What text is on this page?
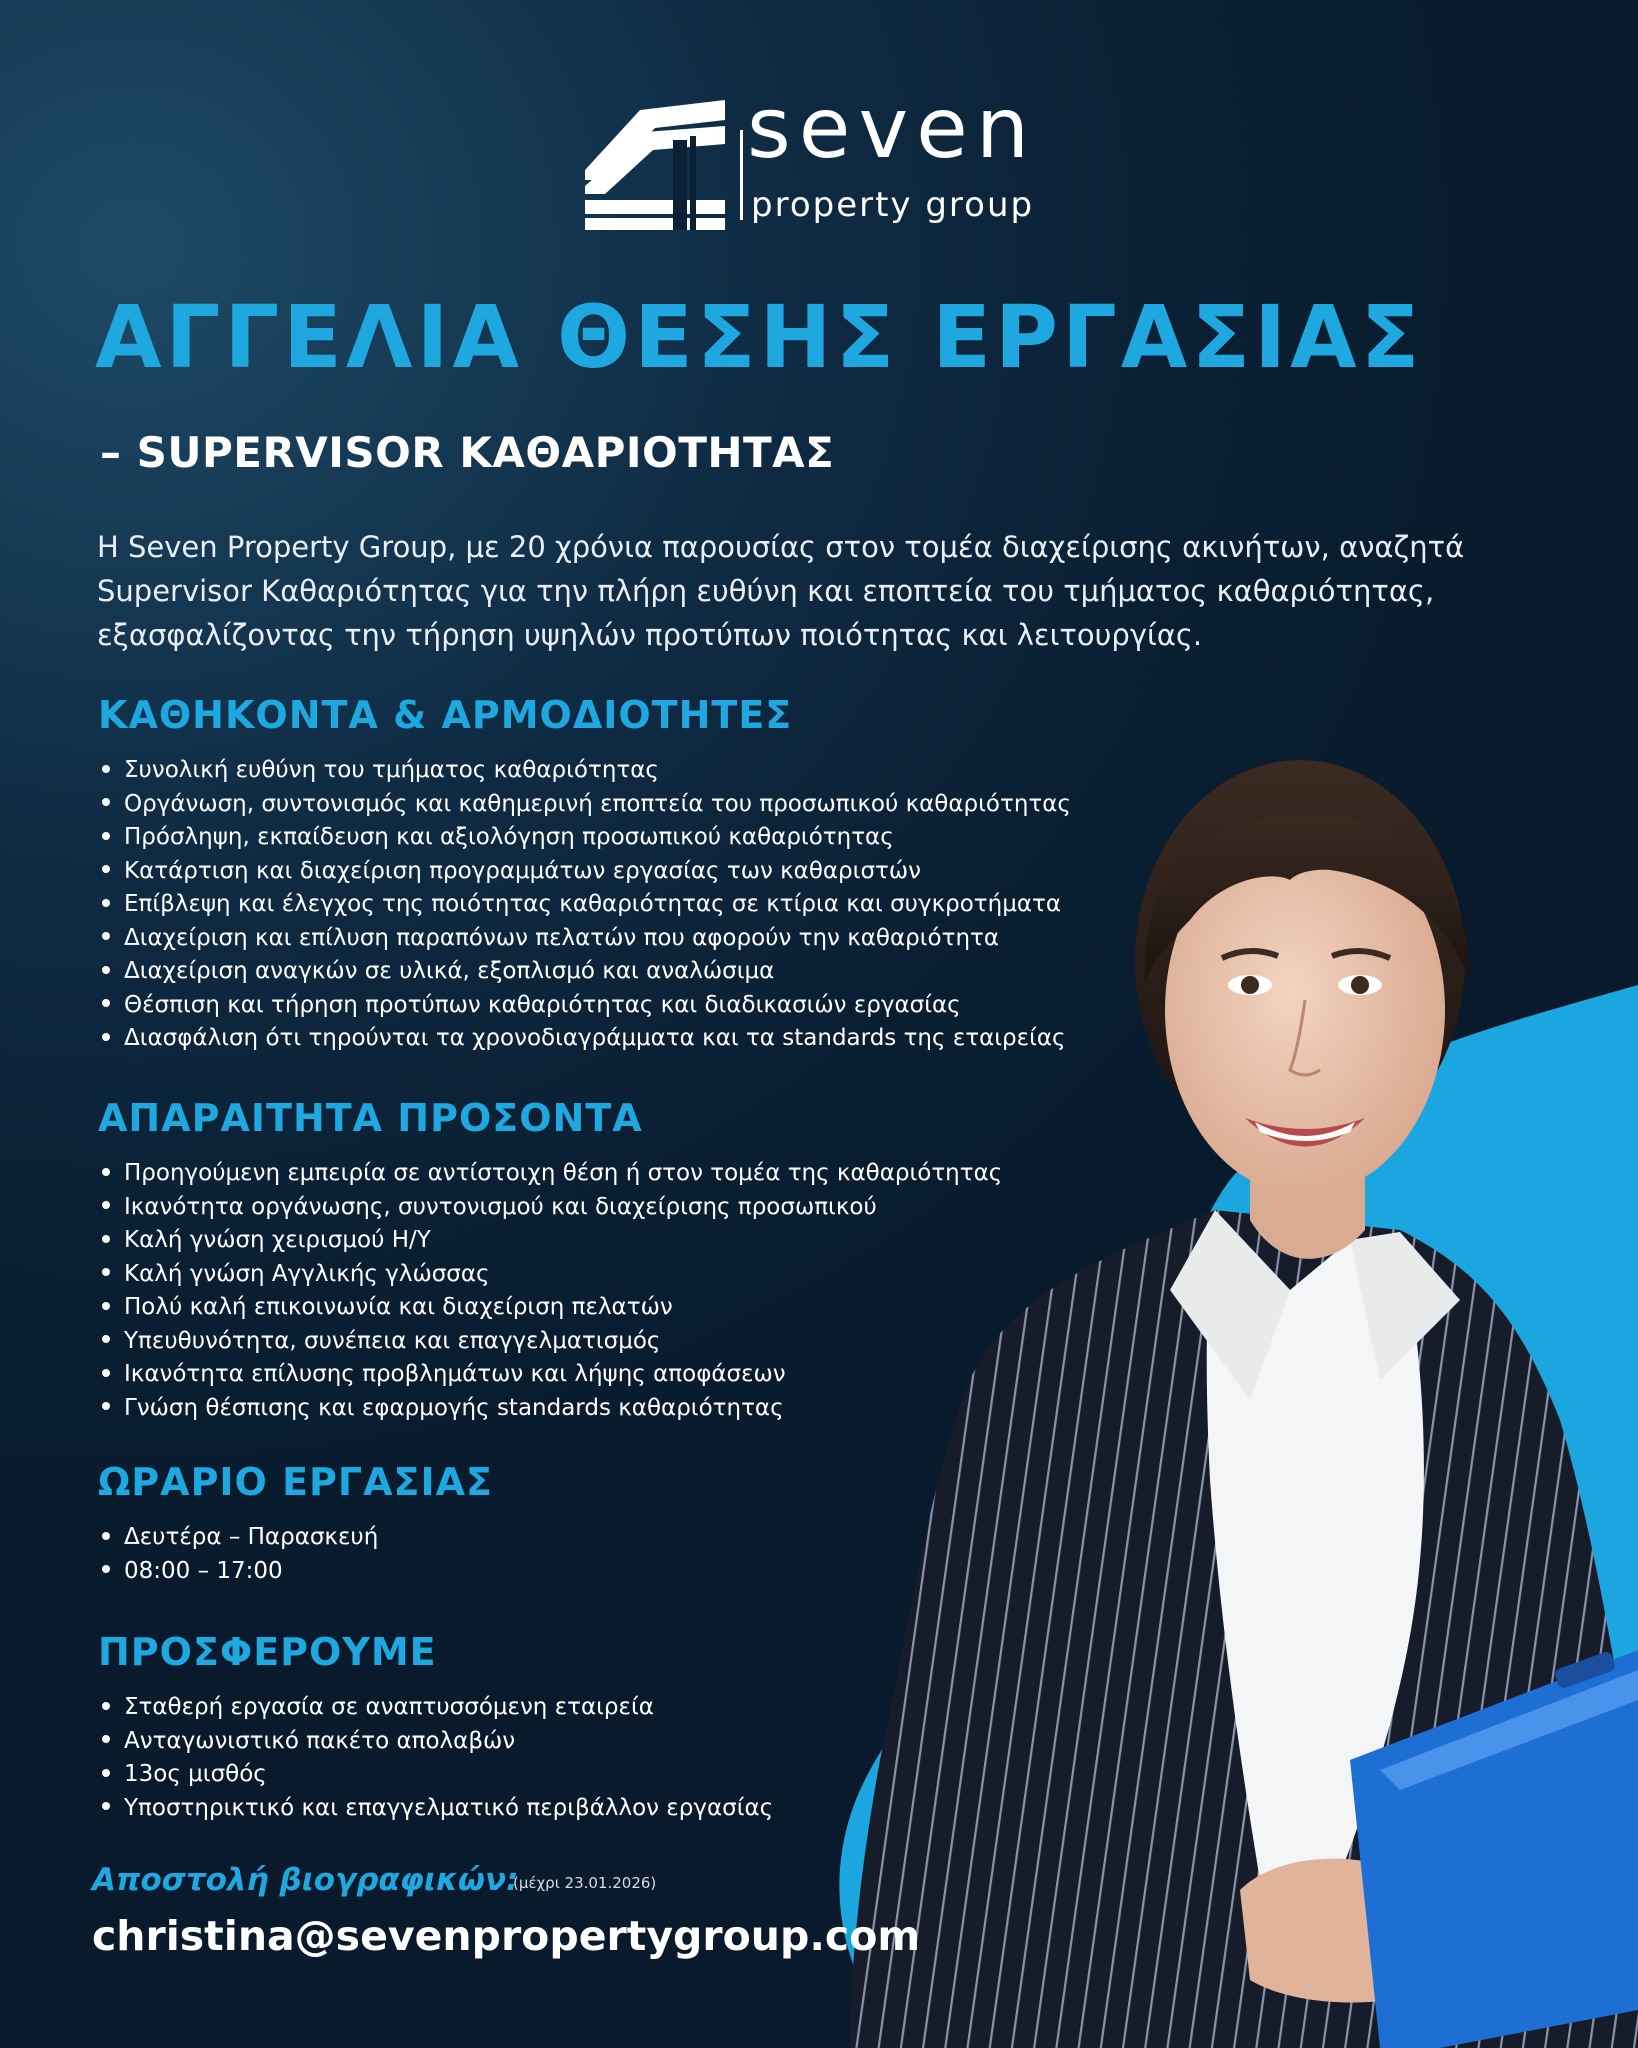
seven
property group
ΑΓΓΕΛΙΑ ΘΕΣΗΣ ΕΡΓΑΣΙΑΣ
– SUPERVISOR ΚΑΘΑΡΙΟΤΗΤΑΣ

Η Seven Property Group, με 20 χρόνια παρουσίας στον τομέα διαχείρισης ακινήτων, αναζητά Supervisor Καθαριότητας για την πλήρη ευθύνη και εποπτεία του τμήματος καθαριότητας, εξασφαλίζοντας την τήρηση υψηλών προτύπων ποιότητας και λειτουργίας.

ΚΑΘΗΚΟΝΤΑ & ΑΡΜΟΔΙΟΤΗΤΕΣ
Συνολική ευθύνη του τμήματος καθαριότητας
Οργάνωση, συντονισμός και καθημερινή εποπτεία του προσωπικού καθαριότητας
Πρόσληψη, εκπαίδευση και αξιολόγηση προσωπικού καθαριότητας
Κατάρτιση και διαχείριση προγραμμάτων εργασίας των καθαριστών
Επίβλεψη και έλεγχος της ποιότητας καθαριότητας σε κτίρια και συγκροτήματα
Διαχείριση και επίλυση παραπόνων πελατών που αφορούν την καθαριότητα
Διαχείριση αναγκών σε υλικά, εξοπλισμό και αναλώσιμα
Θέσπιση και τήρηση προτύπων καθαριότητας και διαδικασιών εργασίας
Διασφάλιση ότι τηρούνται τα χρονοδιαγράμματα και τα standards της εταιρείας
ΑΠΑΡΑΙΤΗΤΑ ΠΡΟΣΟΝΤΑ
Προηγούμενη εμπειρία σε αντίστοιχη θέση ή στον τομέα της καθαριότητας
Ικανότητα οργάνωσης, συντονισμού και διαχείρισης προσωπικού
Καλή γνώση χειρισμού Η/Υ
Καλή γνώση Αγγλικής γλώσσας
Πολύ καλή επικοινωνία και διαχείριση πελατών
Υπευθυνότητα, συνέπεια και επαγγελματισμός
Ικανότητα επίλυσης προβλημάτων και λήψης αποφάσεων
Γνώση θέσπισης και εφαρμογής standards καθαριότητας
ΩΡΑΡΙΟ ΕΡΓΑΣΙΑΣ
Δευτέρα – Παρασκευή
08:00 – 17:00
ΠΡΟΣΦΕΡΟΥΜΕ
Σταθερή εργασία σε αναπτυσσόμενη εταιρεία
Ανταγωνιστικό πακέτο απολαβών
13ος μισθός
Υποστηρικτικό και επαγγελματικό περιβάλλον εργασίας
Αποστολή βιογραφικών:
(μέχρι 23.01.2026)
christina@sevenpropertygroup.com
